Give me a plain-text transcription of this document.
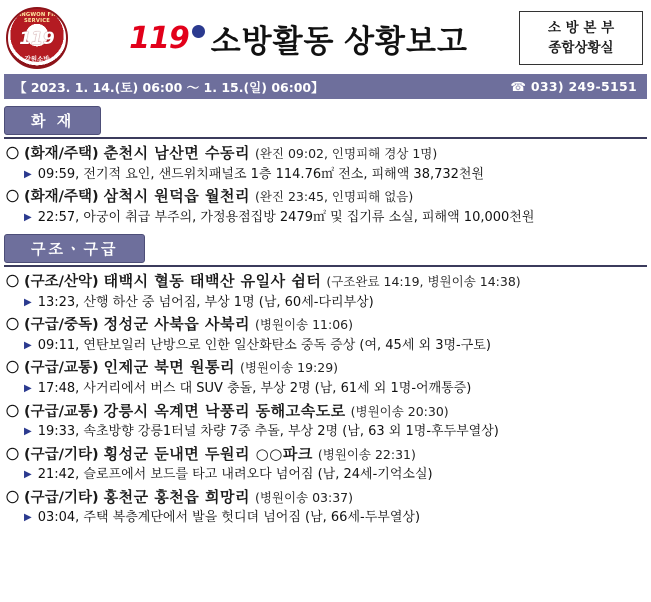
GANGWON FIRE SERVICE
119
강원소방
119 소방활동 상황보고	소 방 본 부
종합상황실
【 2023. 1. 14.(토) 06:00 ～ 1. 15.(일) 06:00】	☎ 033) 249-5151
화 재
〇 (화재/주택) 춘천시 남산면 수동리 (완진 09:02, 인명피해 경상 1명)
▶ 09:59, 전기적 요인, 샌드위치패널조 1층 114.76㎡ 전소, 피해액 38,732천원
〇 (화재/주택) 삼척시 원덕읍 월천리 (완진 23:45, 인명피해 없음)
▶ 22:57, 아궁이 취급 부주의, 가정용점집방 2479㎡ 및 집기류 소실, 피해액 10,000천원
구조ㆍ구급
〇 (구조/산악) 태백시 혈동 태백산 유일사 쉼터 (구조완료 14:19, 병원이송 14:38)
▶ 13:23, 산행 하산 중 넘어짐, 부상 1명 (남, 60세-다리부상)
〇 (구급/중독) 정성군 사북읍 사북리 (병원이송 11:06)
▶ 09:11, 연탄보일러 난방으로 인한 일산화탄소 중독 증상 (여, 45세 외 3명-구토)
〇 (구급/교통) 인제군 북면 원통리 (병원이송 19:29)
▶ 17:48, 사거리에서 버스 대 SUV 충돌, 부상 2명 (남, 61세 외 1명-어깨통증)
〇 (구급/교통) 강릉시 옥계면 낙풍리 동해고속도로 (병원이송 20:30)
▶ 19:33, 속초방향 강릉1터널 차량 7중 추돌, 부상 2명 (남, 63 외 1명-후두부열상)
〇 (구급/기타) 횡성군 둔내면 두원리 ○○파크 (병원이송 22:31)
▶ 21:42, 슬로프에서 보드를 타고 내려오다 넘어짐 (남, 24세-기억소실)
〇 (구급/기타) 홍천군 홍천읍 희망리 (병원이송 03:37)
▶ 03:04, 주택 복층계단에서 발을 헛디뎌 넘어짐 (남, 66세-두부열상)
